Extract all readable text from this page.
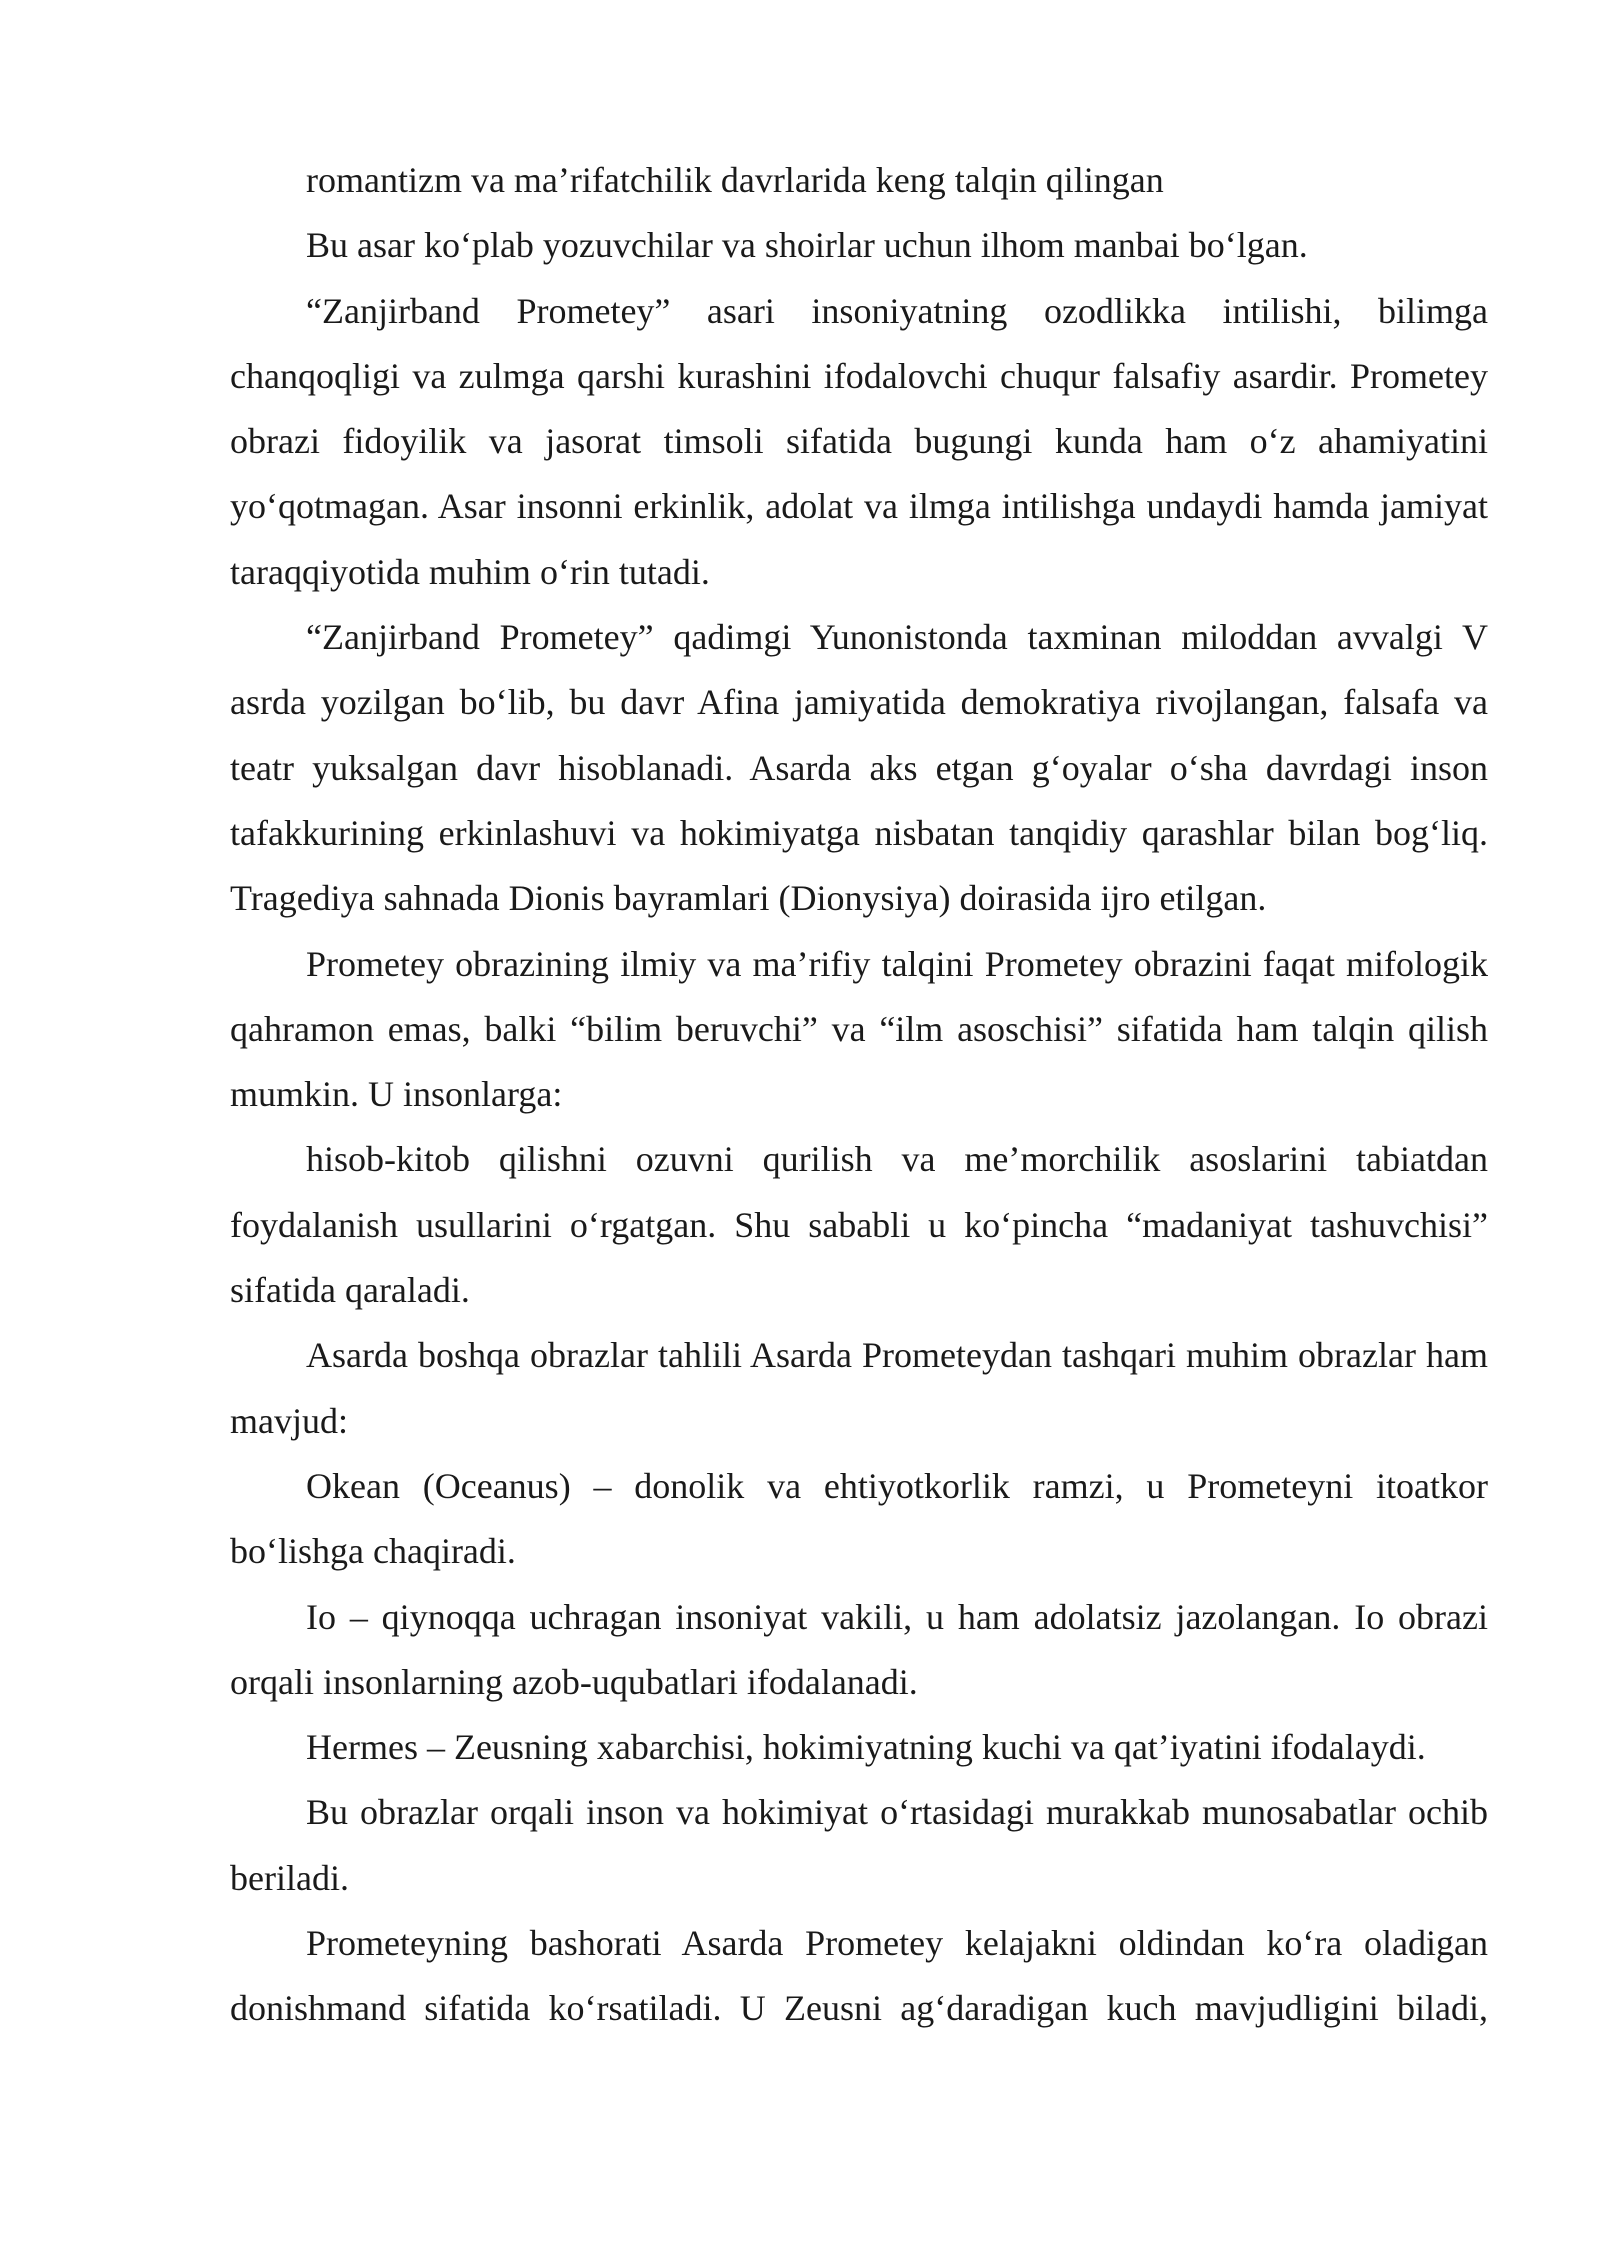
romantizm va ma’rifatchilik davrlarida keng talqin qilingan

Bu asar ko‘plab yozuvchilar va shoirlar uchun ilhom manbai bo‘lgan.

“Zanjirband Prometey” asari insoniyatning ozodlikka intilishi, bilimga chanqoqligi va zulmga qarshi kurashini ifodalovchi chuqur falsafiy asardir. Prometey obrazi fidoyilik va jasorat timsoli sifatida bugungi kunda ham o‘z ahamiyatini yo‘qotmagan. Asar insonni erkinlik, adolat va ilmga intilishga undaydi hamda jamiyat taraqqiyotida muhim o‘rin tutadi.

“Zanjirband Prometey” qadimgi Yunonistonda taxminan miloddan avvalgi V asrda yozilgan bo‘lib, bu davr Afina jamiyatida demokratiya rivojlangan, falsafa va teatr yuksalgan davr hisoblanadi. Asarda aks etgan g‘oyalar o‘sha davrdagi inson tafakkurining erkinlashuvi va hokimiyatga nisbatan tanqidiy qarashlar bilan bog‘liq. Tragediya sahnada Dionis bayramlari (Dionysiya) doirasida ijro etilgan.

Prometey obrazining ilmiy va ma’rifiy talqini Prometey obrazini faqat mifologik qahramon emas, balki “bilim beruvchi” va “ilm asoschisi” sifatida ham talqin qilish mumkin. U insonlarga:

hisob-kitob qilishni ozuvni qurilish va me’morchilik asoslarini tabiatdan foydalanish usullarini o‘rgatgan. Shu sababli u ko‘pincha “madaniyat tashuvchisi” sifatida qaraladi.

Asarda boshqa obrazlar tahlili Asarda Prometeydan tashqari muhim obrazlar ham mavjud:

Okean (Oceanus) – donolik va ehtiyotkorlik ramzi, u Prometeyni itoatkor bo‘lishga chaqiradi.

Io – qiynoqqa uchragan insoniyat vakili, u ham adolatsiz jazolangan. Io obrazi orqali insonlarning azob-uqubatlari ifodalanadi.

Hermes – Zeusning xabarchisi, hokimiyatning kuchi va qat’iyatini ifodalaydi.

Bu obrazlar orqali inson va hokimiyat o‘rtasidagi murakkab munosabatlar ochib beriladi.

Prometeyning bashorati Asarda Prometey kelajakni oldindan ko‘ra oladigan donishmand sifatida ko‘rsatiladi. U Zeusni ag‘daradigan kuch mavjudligini biladi,
